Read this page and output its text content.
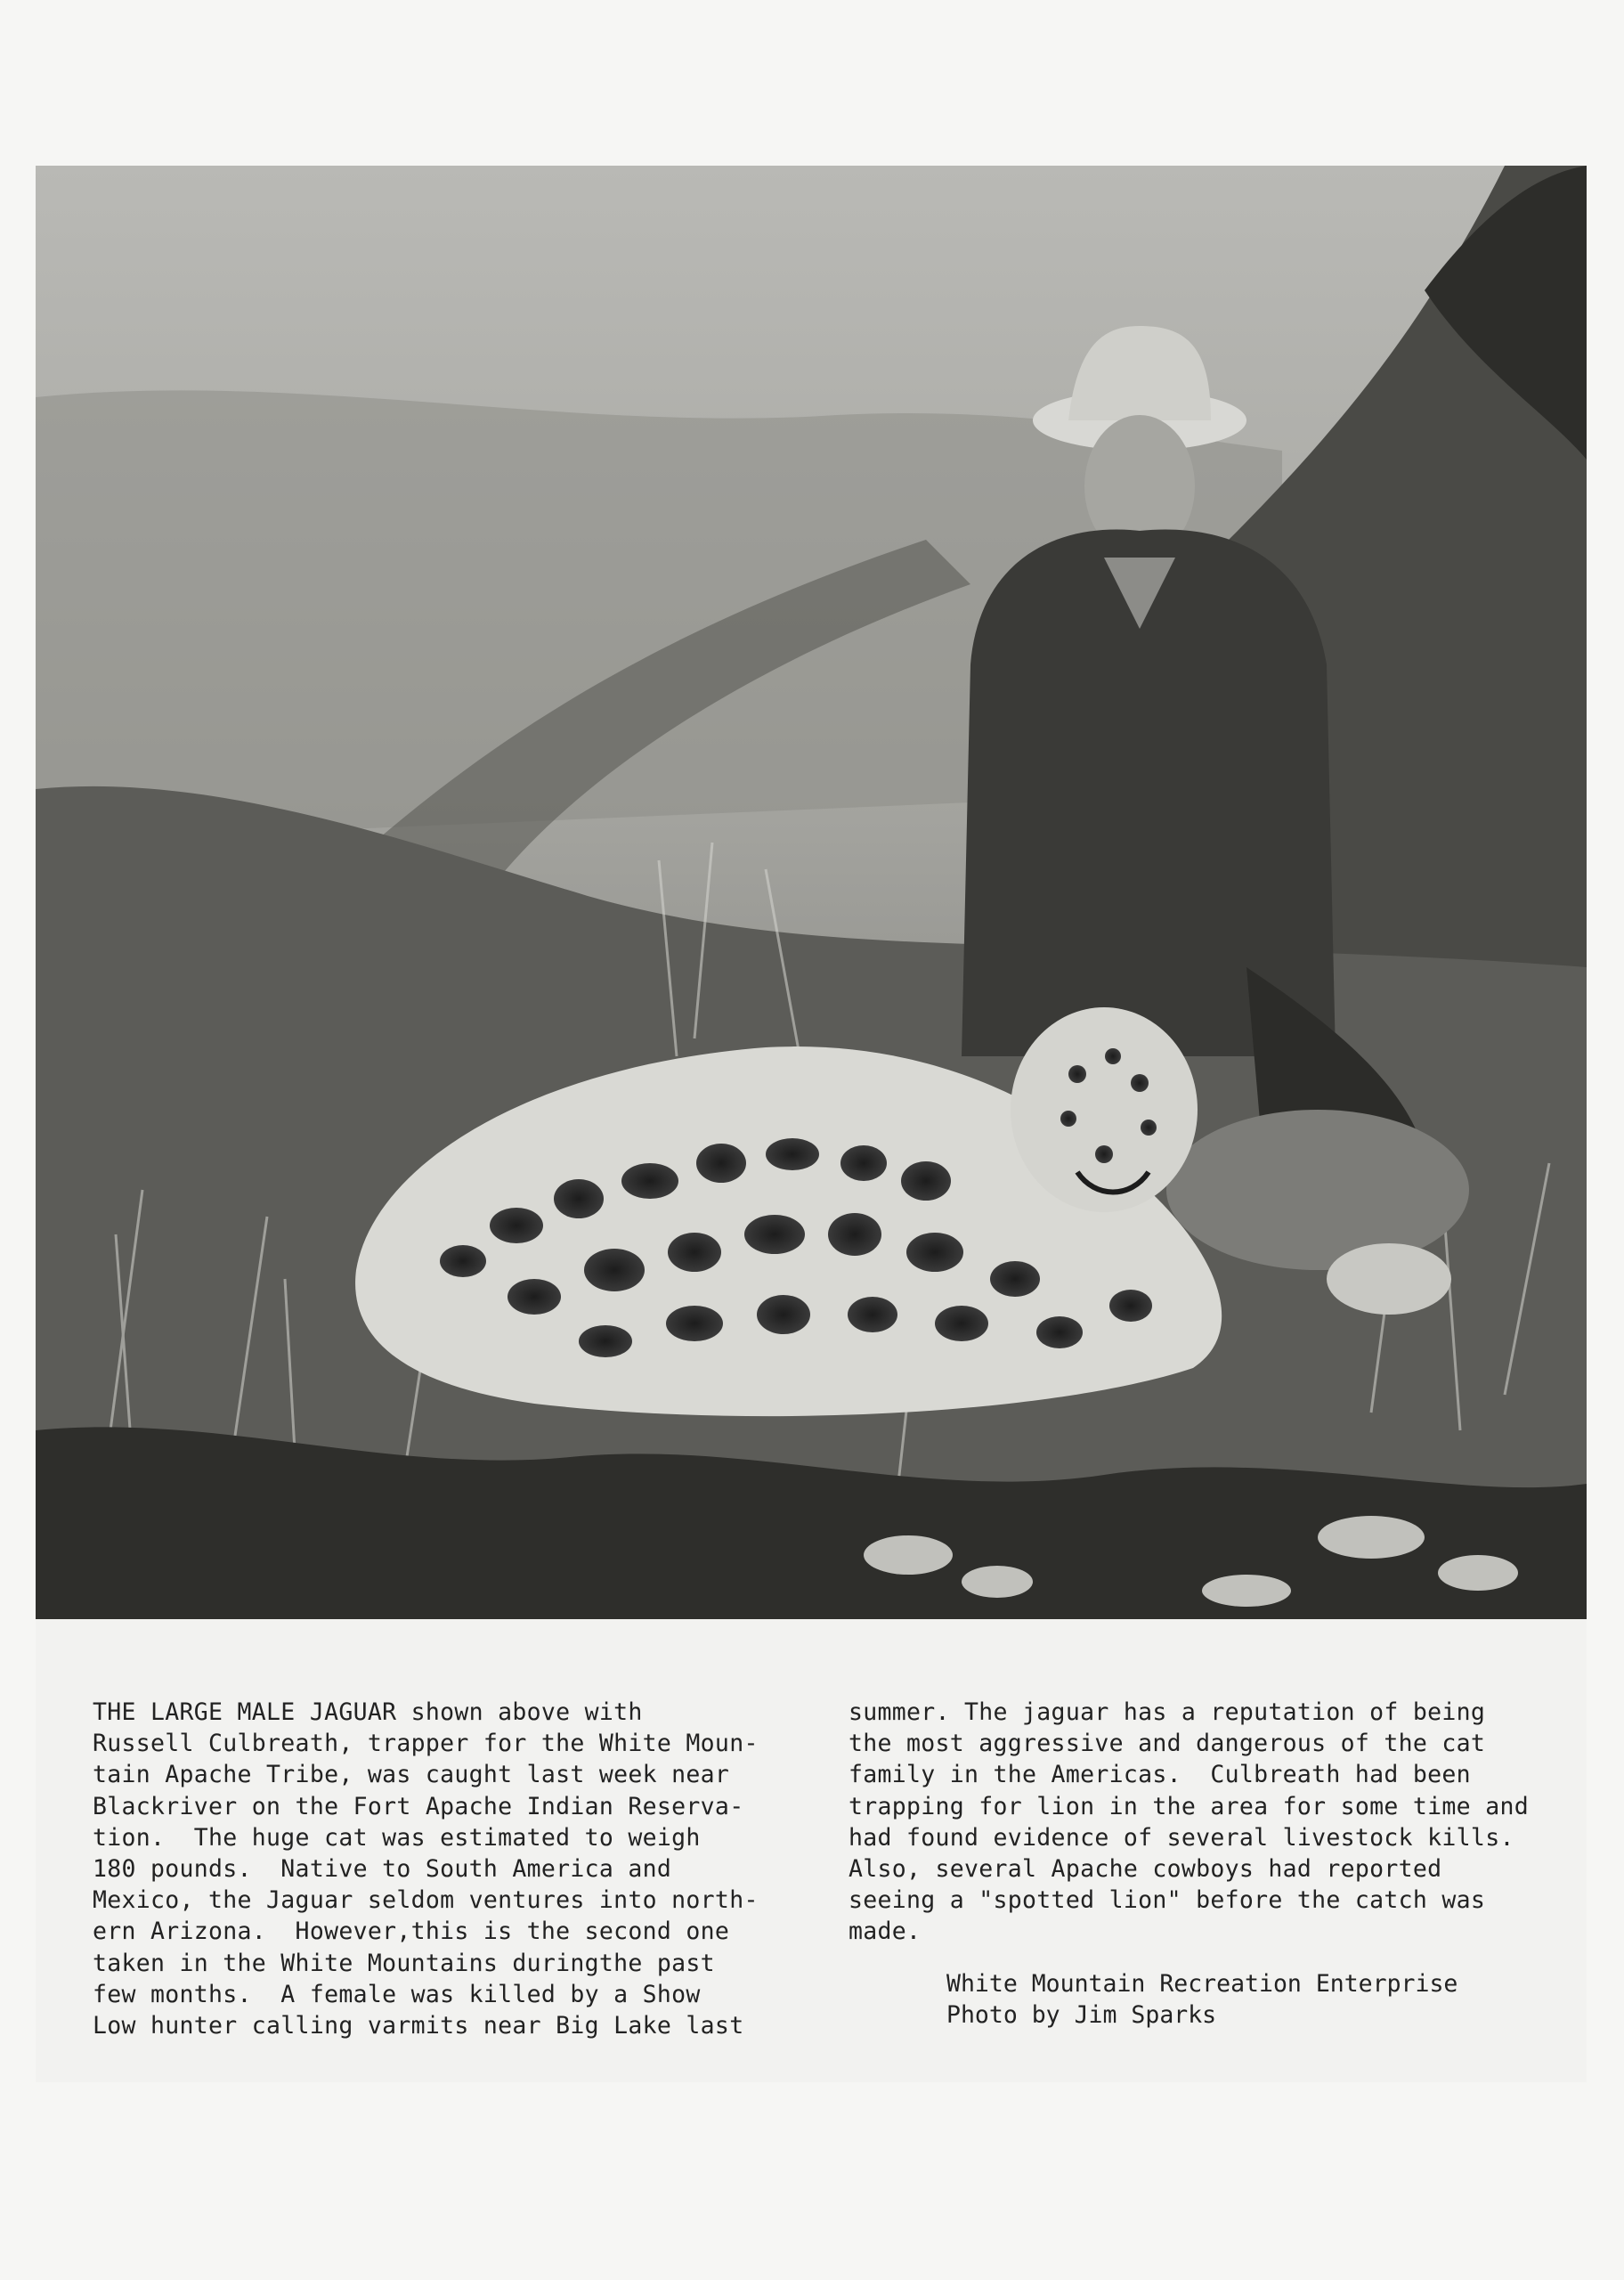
THE LARGE MALE JAGUAR shown above with
Russell Culbreath, trapper for the White Moun-
tain Apache Tribe, was caught last week near
Blackriver on the Fort Apache Indian Reserva-
tion.  The huge cat was estimated to weigh
180 pounds.  Native to South America and
Mexico, the Jaguar seldom ventures into north-
ern Arizona.  However,this is the second one
taken in the White Mountains duringthe past
few months.  A female was killed by a Show
Low hunter calling varmits near Big Lake last
summer. The jaguar has a reputation of being
the most aggressive and dangerous of the cat
family in the Americas.  Culbreath had been
trapping for lion in the area for some time and
had found evidence of several livestock kills.
Also, several Apache cowboys had reported
seeing a "spotted lion" before the catch was
made.
White Mountain Recreation Enterprise
Photo by Jim Sparks
